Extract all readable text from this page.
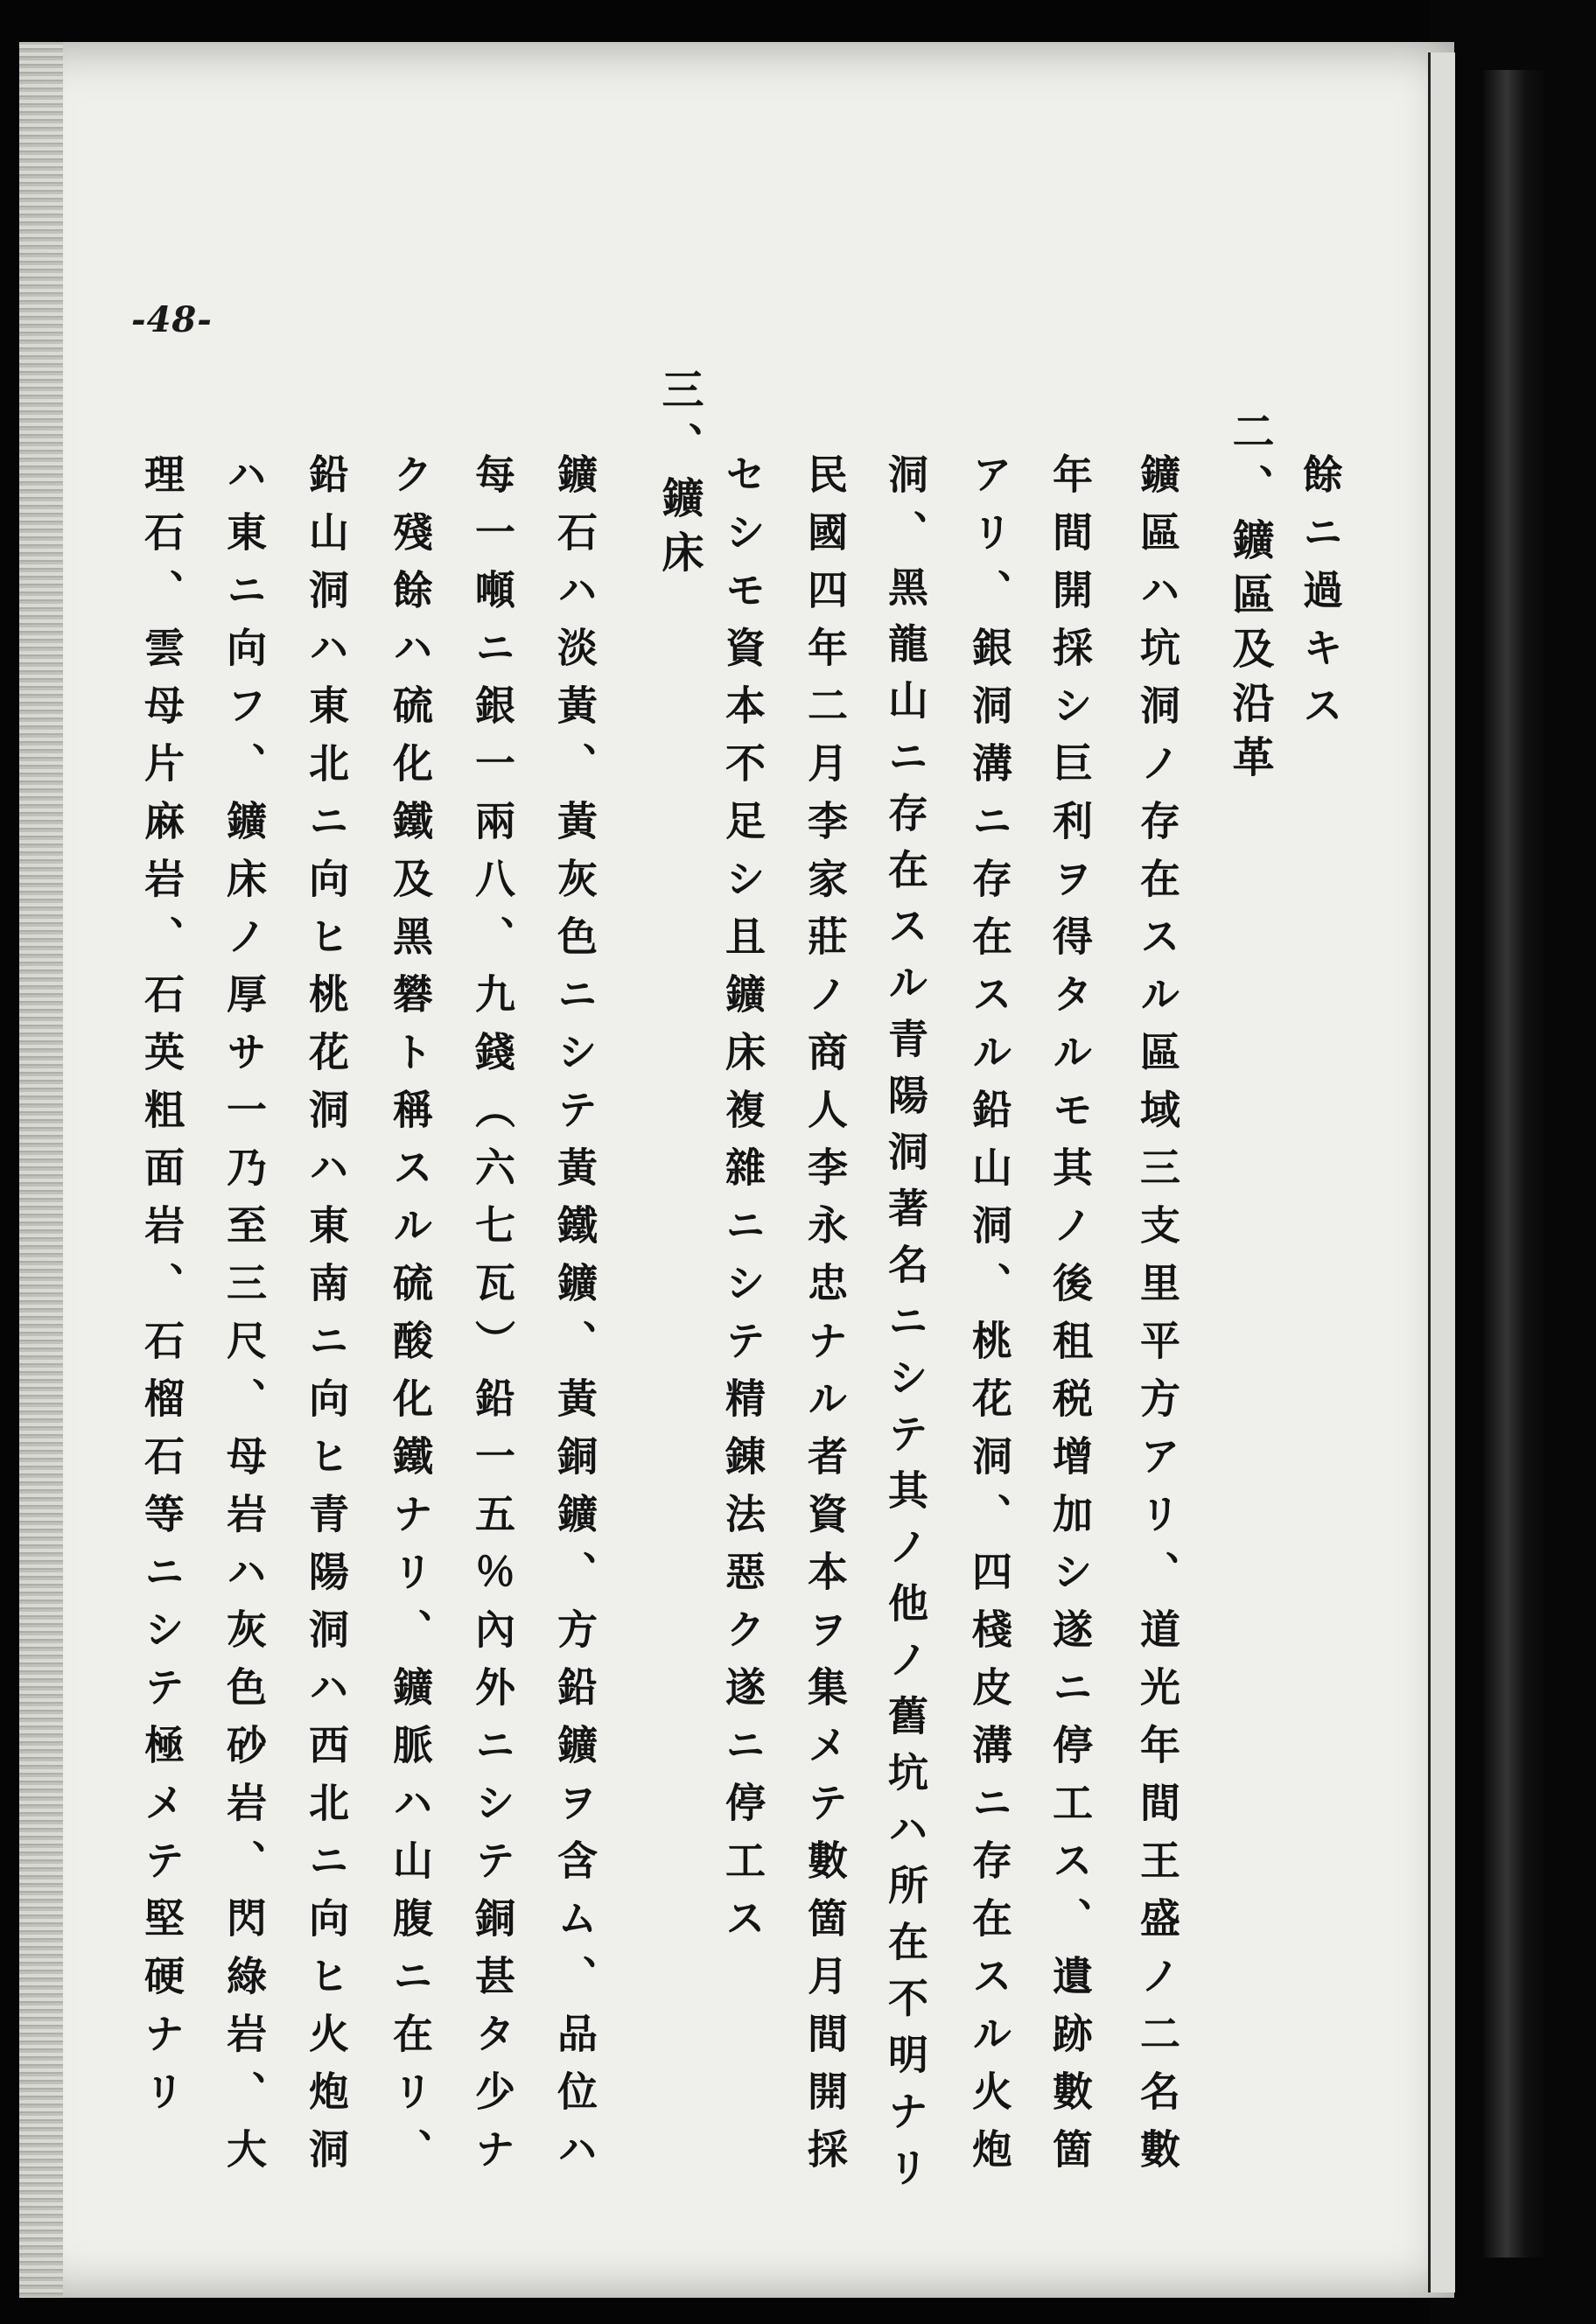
-48-
餘ニ過キス
二、鑛區及沿革
鑛區ハ坑洞ノ存在スル區域三支里平方アリ、道光年間王盛ノ二名數
年間開採シ巨利ヲ得タルモ其ノ後租税增加シ遂ニ停工ス、遺跡數箇
アリ、銀洞溝ニ存在スル鉛山洞、桃花洞、四棧皮溝ニ存在スル火炮
洞、黑龍山ニ存在スル青陽洞著名ニシテ其ノ他ノ舊坑ハ所在不明ナリ
民國四年二月李家莊ノ商人李永忠ナル者資本ヲ集メテ數箇月間開採
セシモ資本不足シ且鑛床複雜ニシテ精錬法惡ク遂ニ停工ス
三、鑛床
鑛石ハ淡黃、黃灰色ニシテ黃鐵鑛、黃銅鑛、方鉛鑛ヲ含ム、品位ハ
每一噸ニ銀一兩八、九錢（六七瓦）鉛一五％內外ニシテ銅甚タ少ナ
ク殘餘ハ硫化鐵及黑礬ト稱スル硫酸化鐵ナリ、鑛脈ハ山腹ニ在リ、
鉛山洞ハ東北ニ向ヒ桃花洞ハ東南ニ向ヒ青陽洞ハ西北ニ向ヒ火炮洞
ハ東ニ向フ、鑛床ノ厚サ一乃至三尺、母岩ハ灰色砂岩、閃綠岩、大
理石、雲母片麻岩、石英粗面岩、石榴石等ニシテ極メテ堅硬ナリ
